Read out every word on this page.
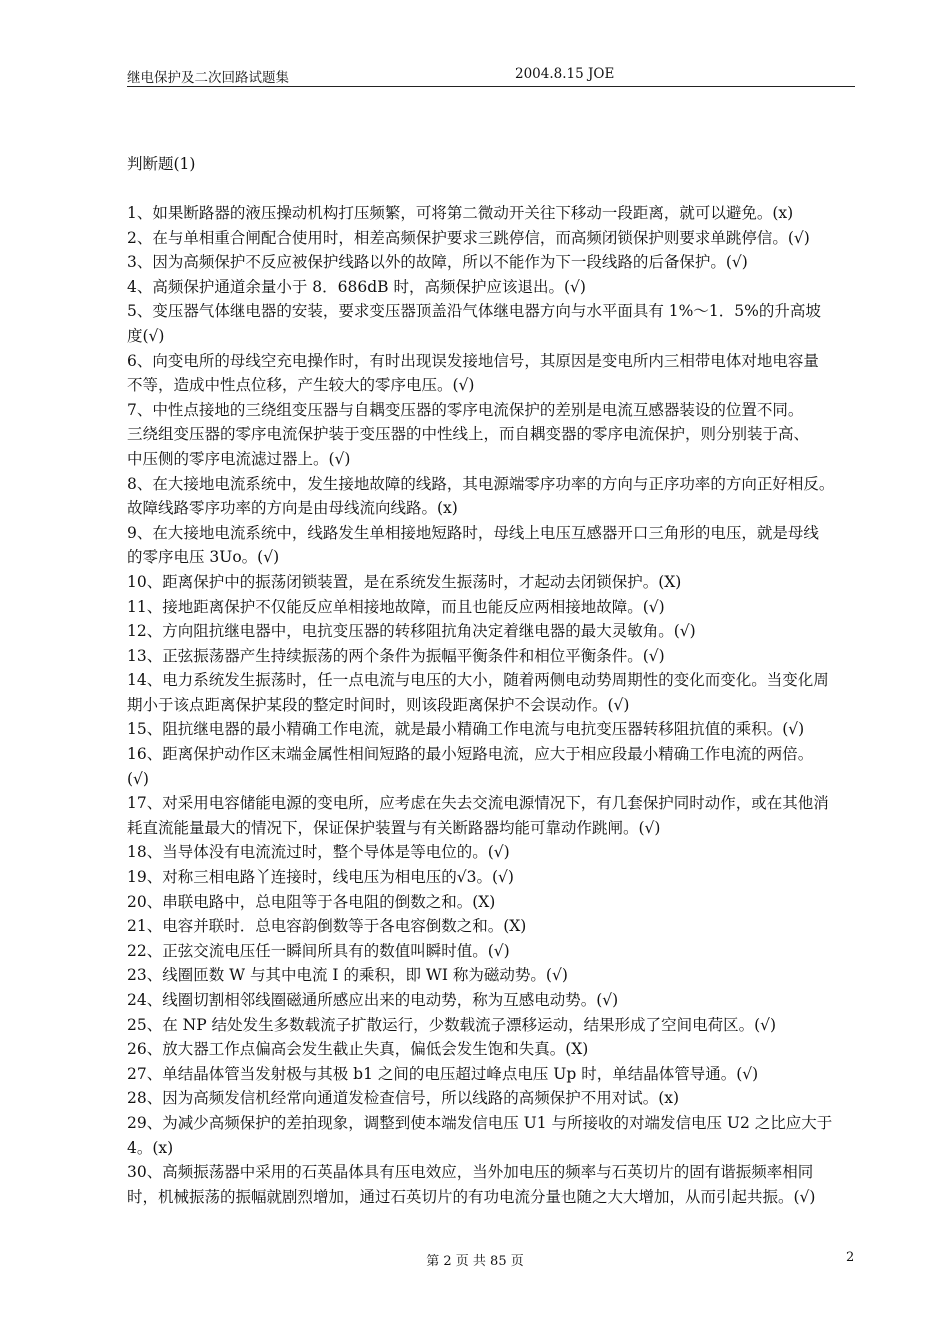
继电保护及二次回路试题集	2004.8.15 JOE
判断题(1)
1、如果断路器的液压操动机构打压频繁，可将第二微动开关往下移动一段距离，就可以避免。(x)
2、在与单相重合闸配合使用时，相差高频保护要求三跳停信，而高频闭锁保护则要求单跳停信。(√)
3、因为高频保护不反应被保护线路以外的故障，所以不能作为下一段线路的后备保护。(√)
4、高频保护通道余量小于 8．686dB 时，高频保护应该退出。(√)
5、变压器气体继电器的安装，要求变压器顶盖沿气体继电器方向与水平面具有 1%～1．5%的升高坡
度(√)
6、向变电所的母线空充电操作时，有时出现误发接地信号，其原因是变电所内三相带电体对地电容量
不等，造成中性点位移，产生较大的零序电压。(√)
7、中性点接地的三绕组变压器与自耦变压器的零序电流保护的差别是电流互感器装设的位置不同。
三绕组变压器的零序电流保护装于变压器的中性线上，而自耦变器的零序电流保护，则分别装于高、
中压侧的零序电流滤过器上。(√)
8、在大接地电流系统中，发生接地故障的线路，其电源端零序功率的方向与正序功率的方向正好相反。
故障线路零序功率的方向是由母线流向线路。(x)
9、在大接地电流系统中，线路发生单相接地短路时，母线上电压互感器开口三角形的电压，就是母线
的零序电压 3Uo。(√)
10、距离保护中的振荡闭锁装置，是在系统发生振荡时，才起动去闭锁保护。(X)
11、接地距离保护不仅能反应单相接地故障，而且也能反应两相接地故障。(√)
12、方向阻抗继电器中，电抗变压器的转移阻抗角决定着继电器的最大灵敏角。(√)
13、正弦振荡器产生持续振荡的两个条件为振幅平衡条件和相位平衡条件。(√)
14、电力系统发生振荡时，任一点电流与电压的大小，随着两侧电动势周期性的变化而变化。当变化周
期小于该点距离保护某段的整定时间时，则该段距离保护不会误动作。(√)
15、阻抗继电器的最小精确工作电流，就是最小精确工作电流与电抗变压器转移阻抗值的乘积。(√)
16、距离保护动作区末端金属性相间短路的最小短路电流，应大于相应段最小精确工作电流的两倍。
(√)
17、对采用电容储能电源的变电所，应考虑在失去交流电源情况下，有几套保护同时动作，或在其他消
耗直流能量最大的情况下，保证保护装置与有关断路器均能可靠动作跳闸。(√)
18、当导体没有电流流过时，整个导体是等电位的。(√)
19、对称三相电路丫连接时，线电压为相电压的√3。(√)
20、串联电路中，总电阻等于各电阻的倒数之和。(X)
21、电容并联时．总电容韵倒数等于各电容倒数之和。(X)
22、正弦交流电压任一瞬间所具有的数值叫瞬时值。(√)
23、线圈匝数 W 与其中电流 I 的乘积，即 WI 称为磁动势。(√)
24、线圈切割相邻线圈磁通所感应出来的电动势，称为互感电动势。(√)
25、在 NP 结处发生多数载流子扩散运行，少数载流子漂移运动，结果形成了空间电荷区。(√)
26、放大器工作点偏高会发生截止失真，偏低会发生饱和失真。(X)
27、单结晶体管当发射极与其极 b1 之间的电压超过峰点电压 Up 时，单结晶体管导通。(√)
28、因为高频发信机经常向通道发检查信号，所以线路的高频保护不用对试。(x)
29、为减少高频保护的差拍现象，调整到使本端发信电压 U1 与所接收的对端发信电压 U2 之比应大于
4。(x)
30、高频振荡器中采用的石英晶体具有压电效应，当外加电压的频率与石英切片的固有谐振频率相同
时，机械振荡的振幅就剧烈增加，通过石英切片的有功电流分量也随之大大增加，从而引起共振。(√)
第 2 页 共 85 页	2
